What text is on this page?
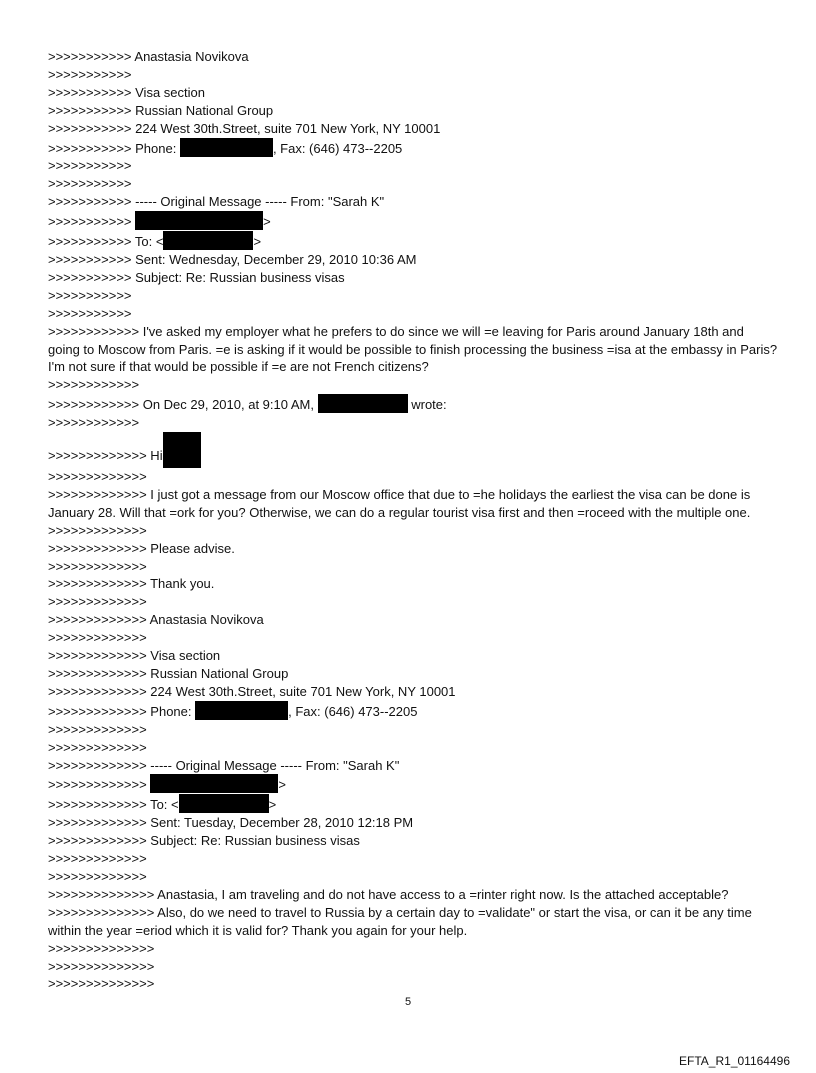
>>>>>>>>>>> Anastasia Novikova
>>>>>>>>>>>
>>>>>>>>>>> Visa section
>>>>>>>>>>> Russian National Group
>>>>>>>>>>> 224 West 30th.Street, suite 701 New York, NY 10001
>>>>>>>>>>> Phone:	, Fax: (646) 473--2205
>>>>>>>>>>>
>>>>>>>>>>>
>>>>>>>>>>> ----- Original Message ----- From: "Sarah K"
>>>>>>>>>>>	>
>>>>>>>>>>> To: <	>
>>>>>>>>>>> Sent: Wednesday, December 29, 2010 10:36 AM
>>>>>>>>>>> Subject: Re: Russian business visas
>>>>>>>>>>>
>>>>>>>>>>>
>>>>>>>>>>>> I've asked my employer what he prefers to do since we will =e leaving for Paris around January 18th and going to Moscow from Paris. =e is asking if it would be possible to finish processing the business =isa at the embassy in Paris? I'm not sure if that would be possible if =e are not French citizens?
>>>>>>>>>>>>
>>>>>>>>>>>> On Dec 29, 2010, at 9:10 AM,	wrote:
>>>>>>>>>>>>
>>>>>>>>>>>>> Hi
>>>>>>>>>>>>>
>>>>>>>>>>>>> I just got a message from our Moscow office that due to =he holidays the earliest the visa can be done is January 28. Will that =ork for you? Otherwise, we can do a regular tourist visa first and then =roceed with the multiple one.
>>>>>>>>>>>>>
>>>>>>>>>>>>> Please advise.
>>>>>>>>>>>>>
>>>>>>>>>>>>> Thank you.
>>>>>>>>>>>>>
>>>>>>>>>>>>> Anastasia Novikova
>>>>>>>>>>>>>
>>>>>>>>>>>>> Visa section
>>>>>>>>>>>>> Russian National Group
>>>>>>>>>>>>> 224 West 30th.Street, suite 701 New York, NY 10001
>>>>>>>>>>>>> Phone:	, Fax: (646) 473--2205
>>>>>>>>>>>>>
>>>>>>>>>>>>>
>>>>>>>>>>>>> ----- Original Message ----- From: "Sarah K"
>>>>>>>>>>>>>	>
>>>>>>>>>>>>> To: <	>
>>>>>>>>>>>>> Sent: Tuesday, December 28, 2010 12:18 PM
>>>>>>>>>>>>> Subject: Re: Russian business visas
>>>>>>>>>>>>>
>>>>>>>>>>>>>
>>>>>>>>>>>>>> Anastasia, I am traveling and do not have access to a =rinter right now. Is the attached acceptable?
>>>>>>>>>>>>>> Also, do we need to travel to Russia by a certain day to =validate" or start the visa, or can it be any time within the year =eriod which it is valid for? Thank you again for your help.
>>>>>>>>>>>>>>
>>>>>>>>>>>>>>
>>>>>>>>>>>>>>
5
EFTA_R1_01164496
